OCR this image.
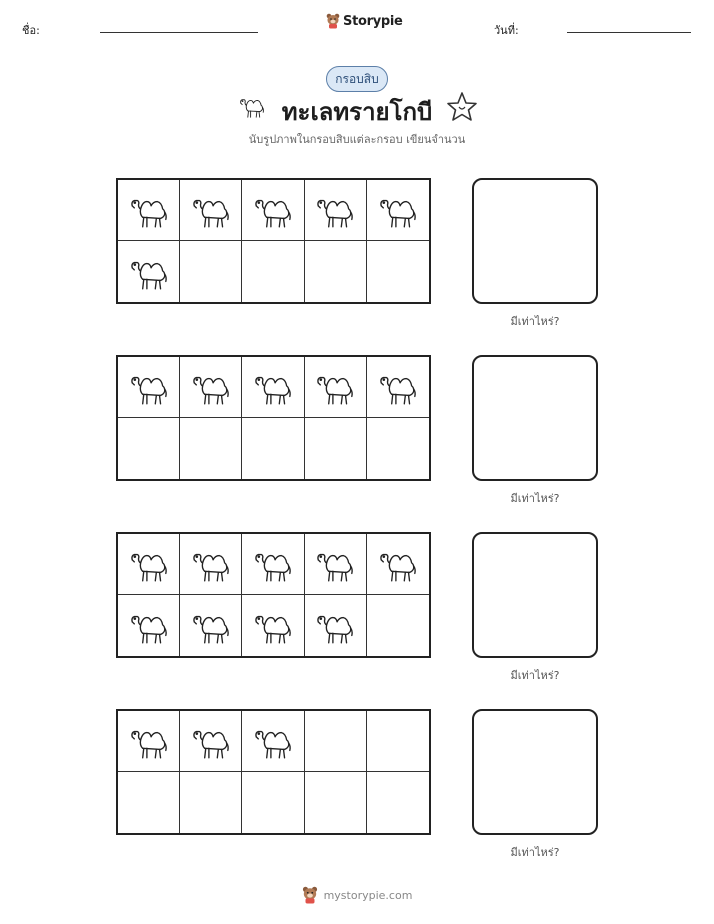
ชื่อ:
Storypie
วันที่:
กรอบสิบ
ทะเลทรายโกบี
นับรูปภาพในกรอบสิบแต่ละกรอบ เขียนจำนวน
มีเท่าไหร่?
มีเท่าไหร่?
มีเท่าไหร่?
มีเท่าไหร่?
mystorypie.com
